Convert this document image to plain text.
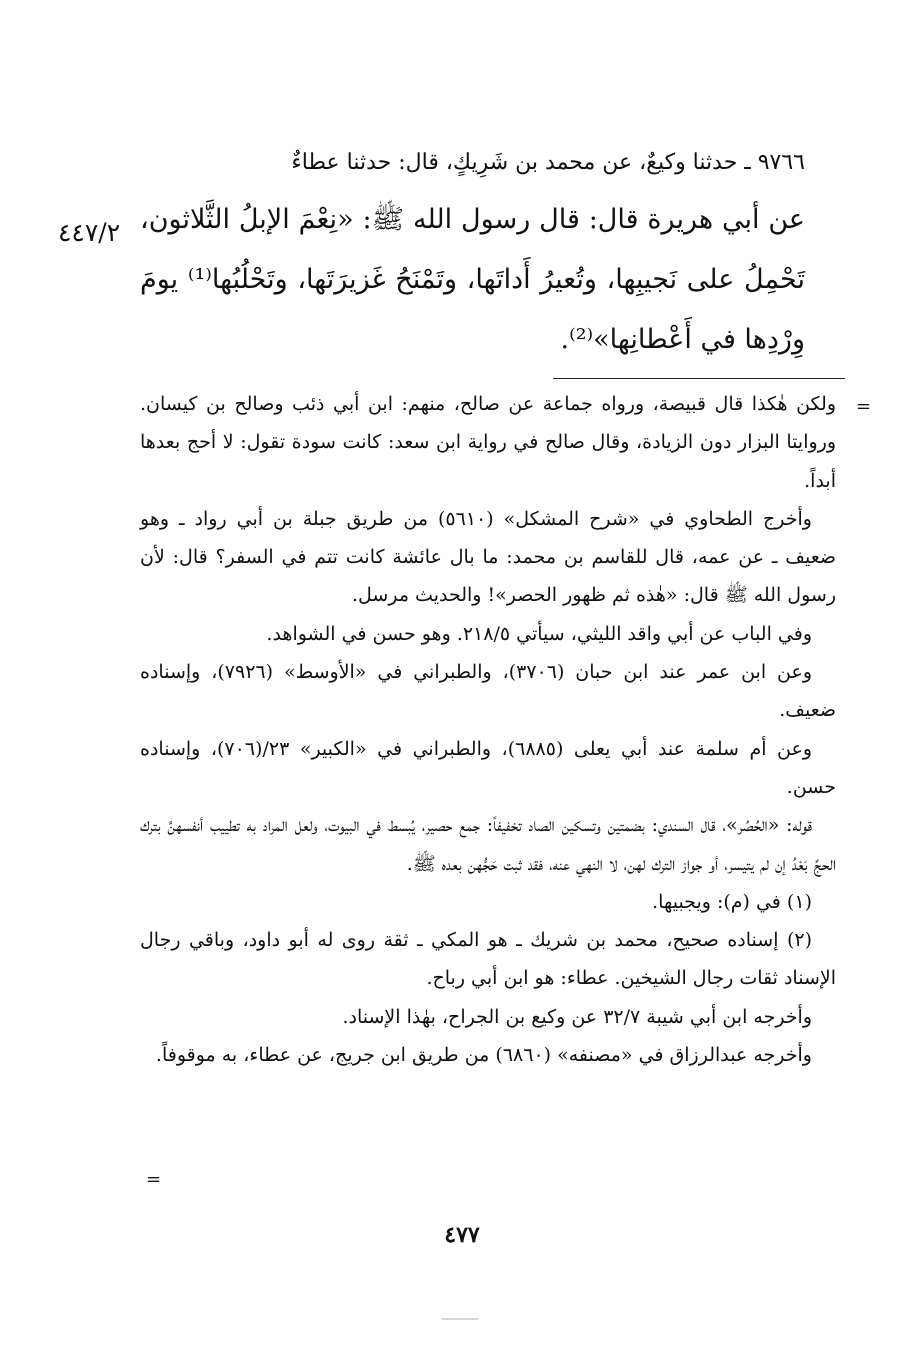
٩٧٦٦ ـ حدثنا وكيعٌ، عن محمد بن شَرِيكٍ، قال: حدثنا عطاءٌ

عن أبي هريرة قال: قال رسول الله ﷺ: «نِعْمَ الإبلُ الثَّلاثون، تَحْمِلُ على نَجيبِها، وتُعيرُ أَداتَها، وتَمْنَحُ غَزيرَتَها، وتَحْلُبُها⁽¹⁾ يومَ وِرْدِها في أَعْطانِها»⁽²⁾.

٤٤٧/٢
=

ولكن هٰكذا قال قبيصة، ورواه جماعة عن صالح، منهم: ابن أبي ذئب وصالح بن كيسان. وروايتا البزار دون الزيادة، وقال صالح في رواية ابن سعد: كانت سودة تقول: لا أحج بعدها أبداً.

وأخرج الطحاوي في «شرح المشكل» (٥٦١٠) من طريق جبلة بن أبي رواد ـ وهو ضعيف ـ عن عمه، قال للقاسم بن محمد: ما بال عائشة كانت تتم في السفر؟ قال: لأن رسول الله ﷺ قال: «هٰذه ثم ظهور الحصر»! والحديث مرسل.

وفي الباب عن أبي واقد الليثي، سيأتي ٢١٨/٥. وهو حسن في الشواهد.

وعن ابن عمر عند ابن حبان (٣٧٠٦)، والطبراني في «الأوسط» (٧٩٢٦)، وإسناده ضعيف.

وعن أم سلمة عند أبي يعلى (٦٨٨٥)، والطبراني في «الكبير» ٢٣/(٧٠٦)، وإسناده حسن.

قوله: «الحُصُر»، قال السندي: بضمتين وتسكين الصاد تخفيفاً: جمع حصير، يُبسط في البيوت، ولعل المراد به تطييب أنفسهنَّ بترك الحجِّ بَعْدُ إن لم يتيسر، أو جواز الترك لهن، لا النهي عنه، فقد ثبت حَجُّهن بعده ﷺ.

(١) في (م): ويجبيها.

(٢) إسناده صحيح، محمد بن شريك ـ هو المكي ـ ثقة روى له أبو داود، وباقي رجال الإسناد ثقات رجال الشيخين. عطاء: هو ابن أبي رباح.

وأخرجه ابن أبي شيبة ٣٢/٧ عن وكيع بن الجراح، بهٰذا الإسناد.

وأخرجه عبدالرزاق في «مصنفه» (٦٨٦٠) من طريق ابن جريج، عن عطاء، به موقوفاً.

=
٤٧٧
